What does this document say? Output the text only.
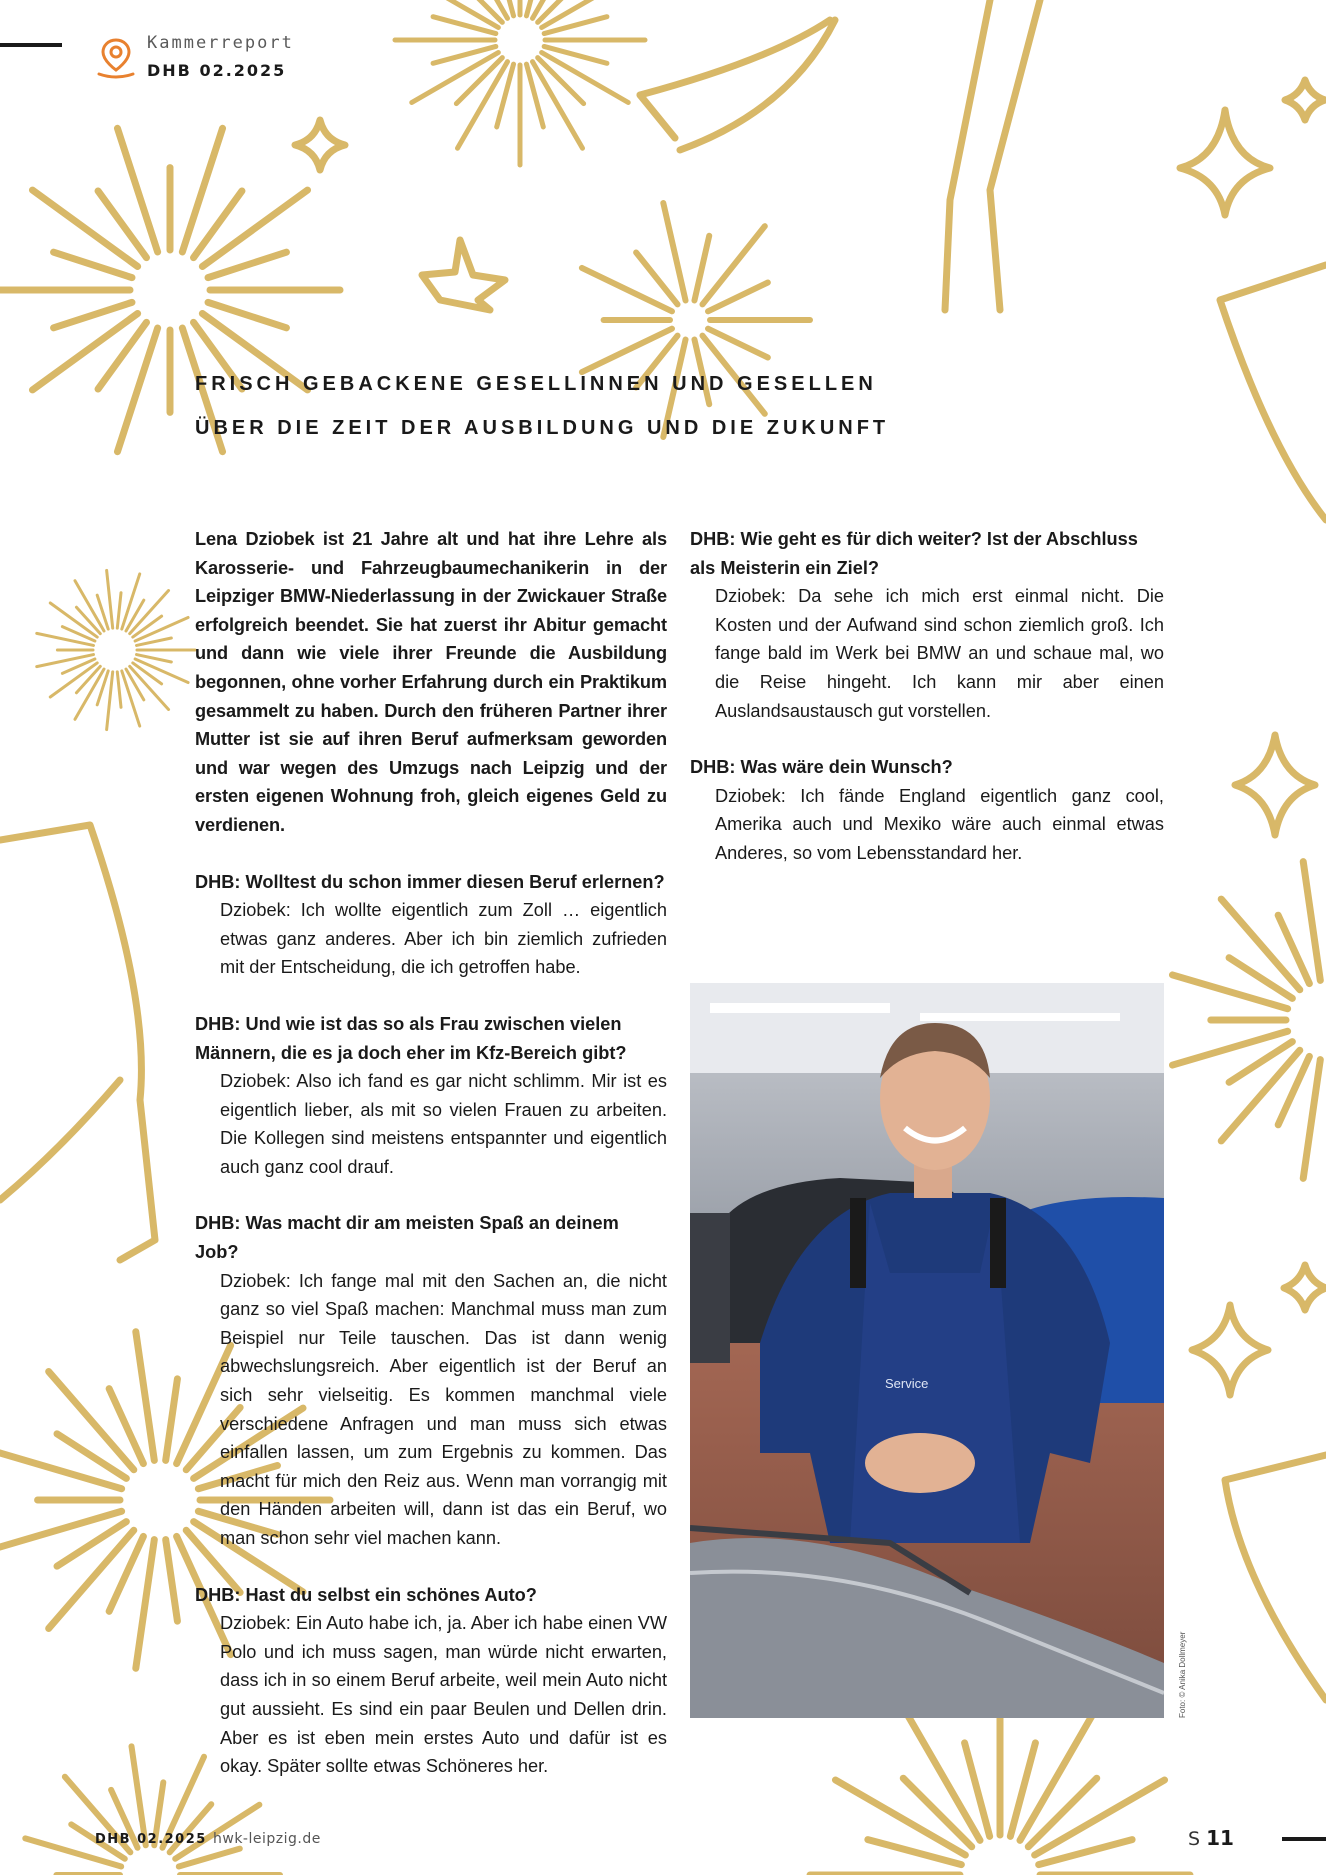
Kammerreport
DHB 02.2025
FRISCH GEBACKENE GESELLINNEN UND GESELLEN
ÜBER DIE ZEIT DER AUSBILDUNG UND DIE ZUKUNFT

Lena Dziobek ist 21 Jahre alt und hat ihre Lehre als Karosserie- und Fahrzeugbaumechanikerin in der Leipziger BMW-Niederlassung in der Zwickauer Straße erfolgreich beendet. Sie hat zuerst ihr Abitur gemacht und dann wie viele ihrer Freunde die Ausbildung begonnen, ohne vorher Erfahrung durch ein Praktikum gesammelt zu haben. Durch den früheren Partner ihrer Mutter ist sie auf ihren Beruf aufmerksam geworden und war wegen des Umzugs nach Leipzig und der ersten eigenen Wohnung froh, gleich eigenes Geld zu verdienen.

DHB: Wolltest du schon immer diesen Beruf erlernen?

Dziobek: Ich wollte eigentlich zum Zoll … eigentlich etwas ganz anderes. Aber ich bin ziemlich zufrieden mit der Entscheidung, die ich getroffen habe.

DHB: Und wie ist das so als Frau zwischen vielen Männern, die es ja doch eher im Kfz-Bereich gibt?

Dziobek: Also ich fand es gar nicht schlimm. Mir ist es eigentlich lieber, als mit so vielen Frauen zu arbeiten. Die Kollegen sind meistens entspannter und eigentlich auch ganz cool drauf.

DHB: Was macht dir am meisten Spaß an deinem Job?

Dziobek: Ich fange mal mit den Sachen an, die nicht ganz so viel Spaß machen: Manchmal muss man zum Beispiel nur Teile tauschen. Das ist dann wenig abwechslungsreich. Aber eigentlich ist der Beruf an sich sehr vielseitig. Es kommen manchmal viele verschiedene Anfragen und man muss sich etwas einfallen lassen, um zum Ergebnis zu kommen. Das macht für mich den Reiz aus. Wenn man vorrangig mit den Händen arbeiten will, dann ist das ein Beruf, wo man schon sehr viel machen kann.

DHB: Hast du selbst ein schönes Auto?

Dziobek: Ein Auto habe ich, ja. Aber ich habe einen VW Polo und ich muss sagen, man würde nicht erwarten, dass ich in so einem Beruf arbeite, weil mein Auto nicht gut aussieht. Es sind ein paar Beulen und Dellen drin. Aber es ist eben mein erstes Auto und dafür ist es okay. Später sollte etwas Schöneres her.

DHB: Wie geht es für dich weiter? Ist der Abschluss als Meisterin ein Ziel?

Dziobek: Da sehe ich mich erst einmal nicht. Die Kosten und der Aufwand sind schon ziemlich groß. Ich fange bald im Werk bei BMW an und schaue mal, wo die Reise hingeht. Ich kann mir aber einen Auslandsaustausch gut vorstellen.

DHB: Was wäre dein Wunsch?

Dziobek: Ich fände England eigentlich ganz cool, Amerika auch und Mexiko wäre auch einmal etwas Anderes, so vom Lebensstandard her.

Service
Foto: © Anika Dollmeyer
DHB 02.2025 hwk-leipzig.de	S 11
